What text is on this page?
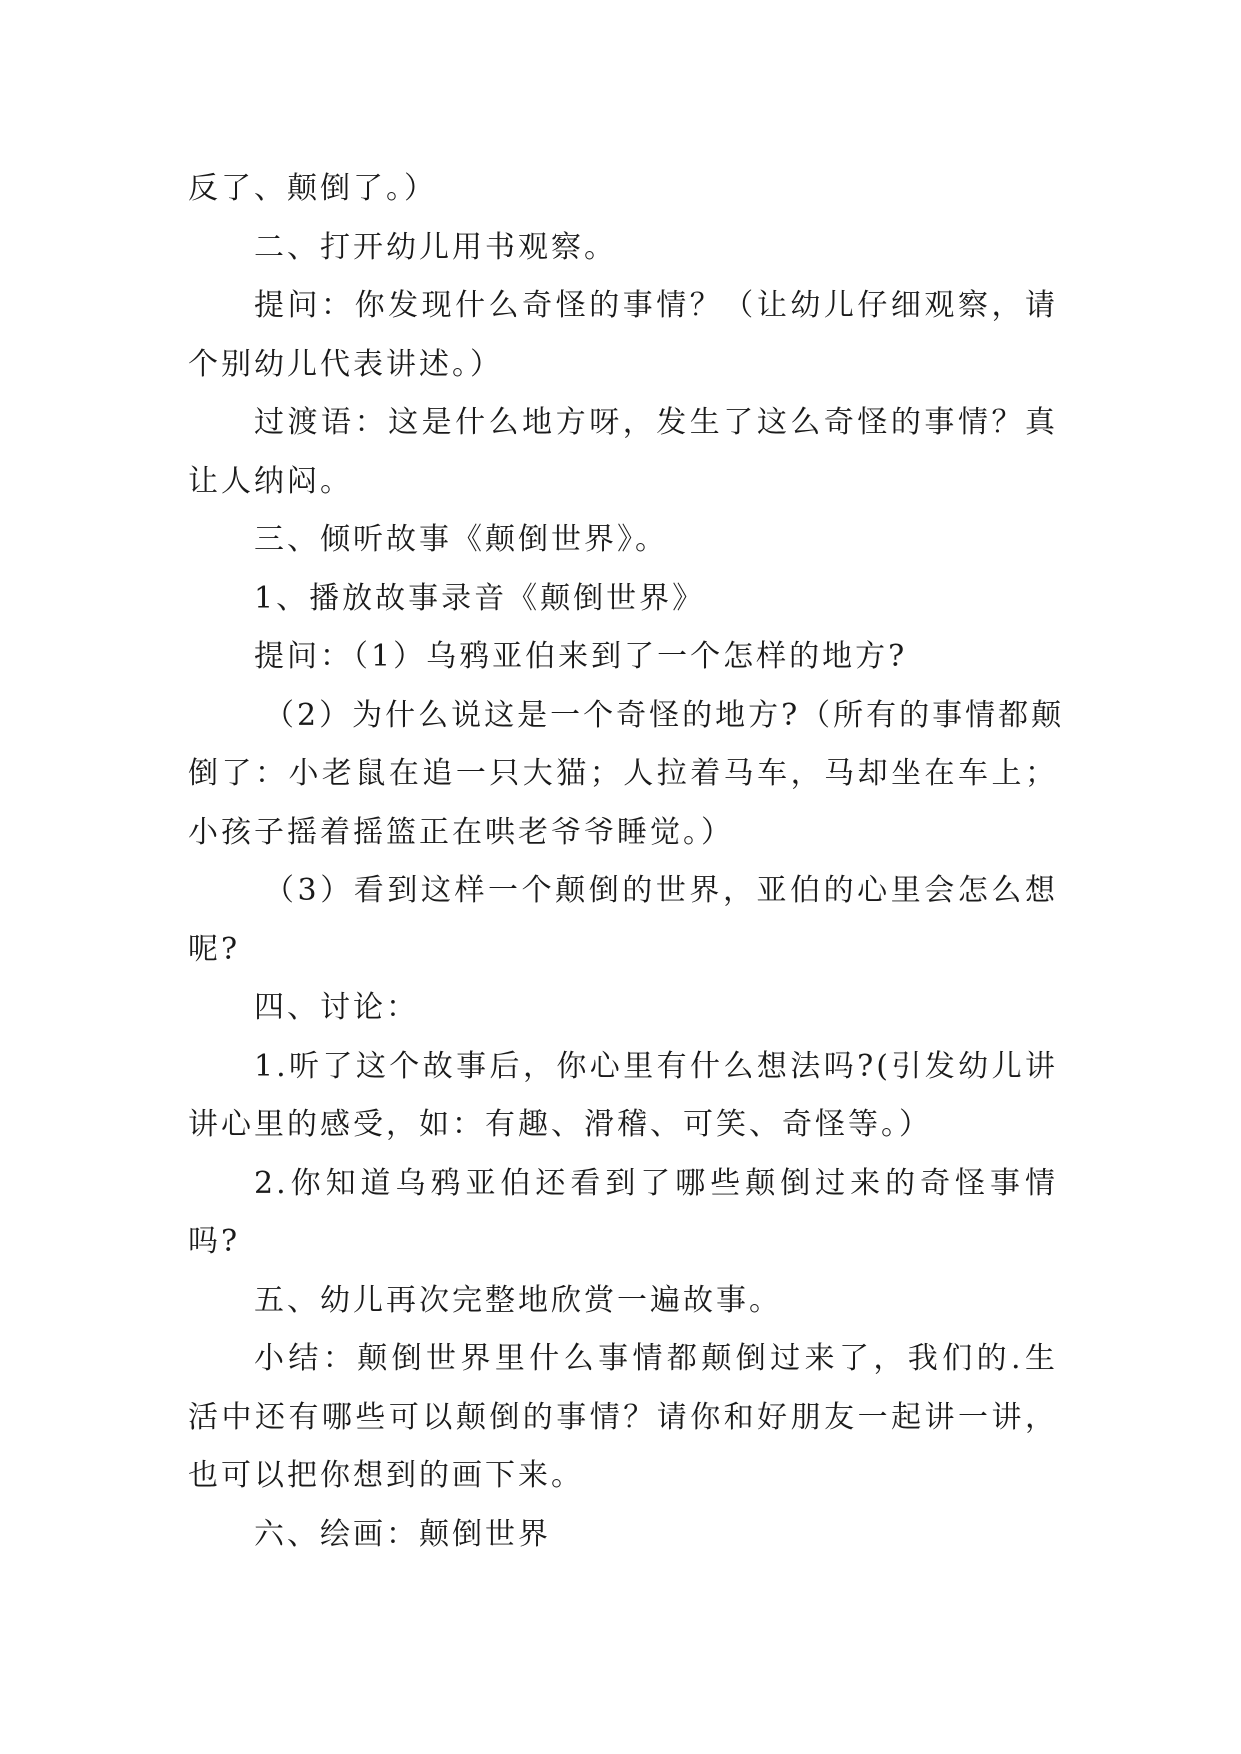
反了、颠倒了。）

二、打开幼儿用书观察。

提问：你发现什么奇怪的事情？（让幼儿仔细观察，请

个别幼儿代表讲述。）

过渡语：这是什么地方呀，发生了这么奇怪的事情？真

让人纳闷。

三、倾听故事《颠倒世界》。

1、播放故事录音《颠倒世界》

提问：（1）乌鸦亚伯来到了一个怎样的地方?

（2）为什么说这是一个奇怪的地方?（所有的事情都颠

倒了：小老鼠在追一只大猫；人拉着马车，马却坐在车上；

小孩子摇着摇篮正在哄老爷爷睡觉。）

（3）看到这样一个颠倒的世界，亚伯的心里会怎么想

呢?

四、讨论：

1.听了这个故事后，你心里有什么想法吗?(引发幼儿讲

讲心里的感受，如：有趣、滑稽、可笑、奇怪等。）

2.你知道乌鸦亚伯还看到了哪些颠倒过来的奇怪事情

吗?

五、幼儿再次完整地欣赏一遍故事。

小结：颠倒世界里什么事情都颠倒过来了，我们的.生

活中还有哪些可以颠倒的事情？请你和好朋友一起讲一讲，

也可以把你想到的画下来。

六、绘画：颠倒世界
